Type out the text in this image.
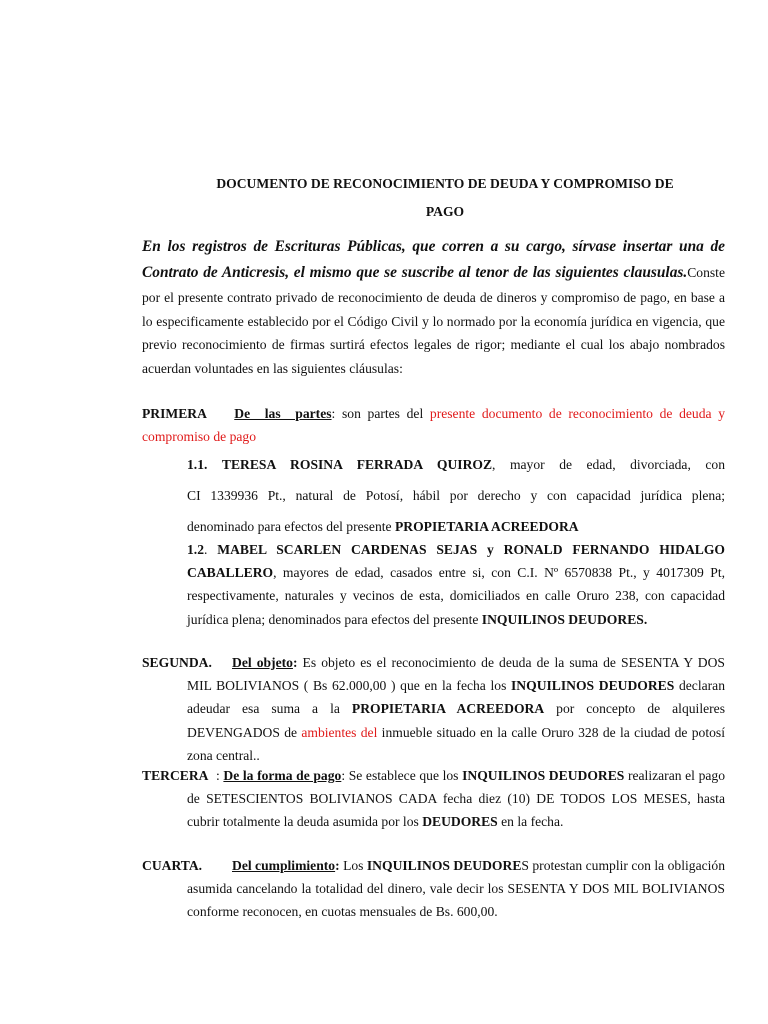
DOCUMENTO DE RECONOCIMIENTO DE DEUDA Y COMPROMISO DE
PAGO
En los registros de Escrituras Públicas, que corren a su cargo, sírvase insertar una de Contrato de Anticresis, el mismo que se suscribe al tenor de las siguientes clausulas.Conste por el presente contrato privado de reconocimiento de deuda de dineros y compromiso de pago, en base a lo especificamente establecido por el Código Civil y lo normado por la economía jurídica en vigencia, que previo reconocimiento de firmas surtirá efectos legales de rigor; mediante el cual los abajo nombrados acuerdan voluntades en las siguientes cláusulas:
PRIMERA De las partes: son partes del presente documento de reconocimiento de deuda y compromiso de pago
1.1. TERESA ROSINA FERRADA QUIROZ, mayor de edad, divorciada, con
CI 1339936 Pt., natural de Potosí, hábil por derecho y con capacidad jurídica plena;
denominado para efectos del presente PROPIETARIA ACREEDORA
1.2. MABEL SCARLEN CARDENAS SEJAS y RONALD FERNANDO HIDALGO CABALLERO, mayores de edad, casados entre si, con C.I. Nº 6570838 Pt., y 4017309 Pt, respectivamente, naturales y vecinos de esta, domiciliados en calle Oruro 238, con capacidad jurídica plena; denominados para efectos del presente INQUILINOS DEUDORES.
SEGUNDA.	Del objeto: Es objeto es el reconocimiento de deuda de la suma de SESENTA Y DOS MIL BOLIVIANOS ( Bs 62.000,00 ) que en la fecha los INQUILINOS DEUDORES declaran adeudar esa suma a la PROPIETARIA ACREEDORA por concepto de alquileres DEVENGADOS de ambientes del inmueble situado en la calle Oruro 328 de la ciudad de potosí zona central..
TERCERA : De la forma de pago: Se establece que los INQUILINOS DEUDORES realizaran el pago de SETESCIENTOS BOLIVIANOS CADA fecha diez (10) DE TODOS LOS MESES, hasta cubrir totalmente la deuda asumida por los DEUDORES en la fecha.
CUARTA.	Del cumplimiento: Los INQUILINOS DEUDORES protestan cumplir con la obligación asumida cancelando la totalidad del dinero, vale decir los SESENTA Y DOS MIL BOLIVIANOS conforme reconocen, en cuotas mensuales de Bs. 600,00.
